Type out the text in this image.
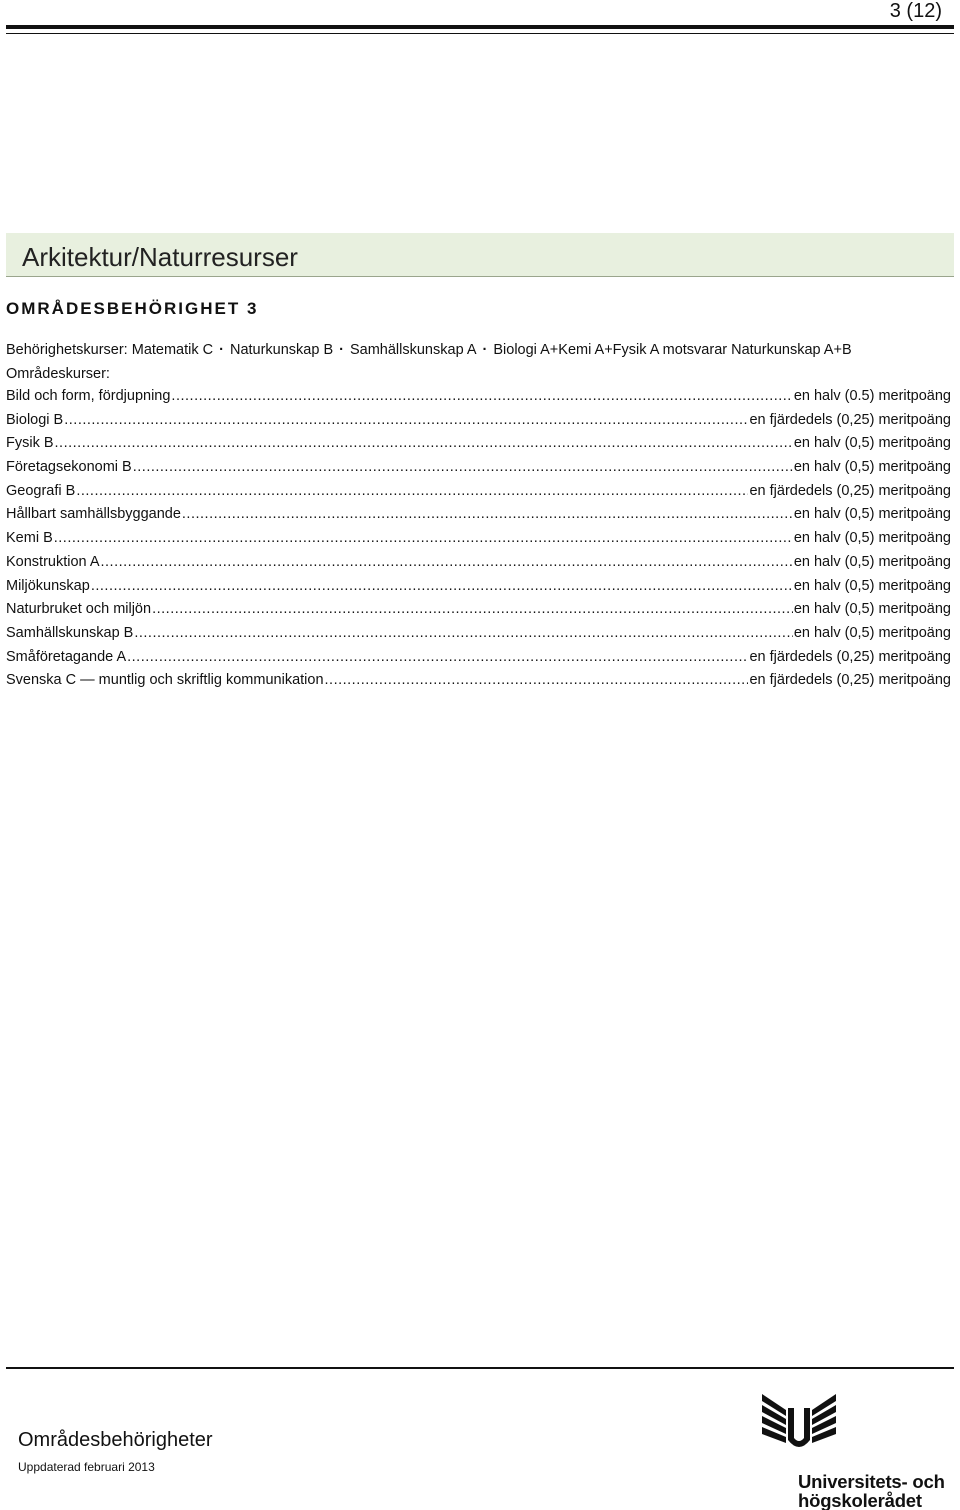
3 (12)
Arkitektur/Naturresurser
OMRÅDESBEHÖRIGHET 3
Behörighetskurser: Matematik C · Naturkunskap B · Samhällskunskap A · Biologi A+Kemi A+Fysik A motsvarar Naturkunskap A+B
Områdeskurser:
Bild och form, fördjupning .....	en halv (0.5) meritpoäng
Biologi B .....	en fjärdedels (0,25) meritpoäng
Fysik B .....	en halv (0,5) meritpoäng
Företagsekonomi B .....	en halv (0,5) meritpoäng
Geografi B .....	en fjärdedels (0,25) meritpoäng
Hållbart samhällsbyggande .....	en halv (0,5) meritpoäng
Kemi B .....	en halv (0,5) meritpoäng
Konstruktion A .....	en halv (0,5) meritpoäng
Miljökunskap .....	en halv (0,5) meritpoäng
Naturbruket och miljön .....	en halv (0,5) meritpoäng
Samhällskunskap B .....	en halv (0,5) meritpoäng
Småföretagande A .....	en fjärdedels (0,25) meritpoäng
Svenska C — muntlig och skriftlig kommunikation .....	en fjärdedels (0,25) meritpoäng
Områdesbehörigheter
Uppdaterad februari 2013
Universitets- och
högskolerådet
